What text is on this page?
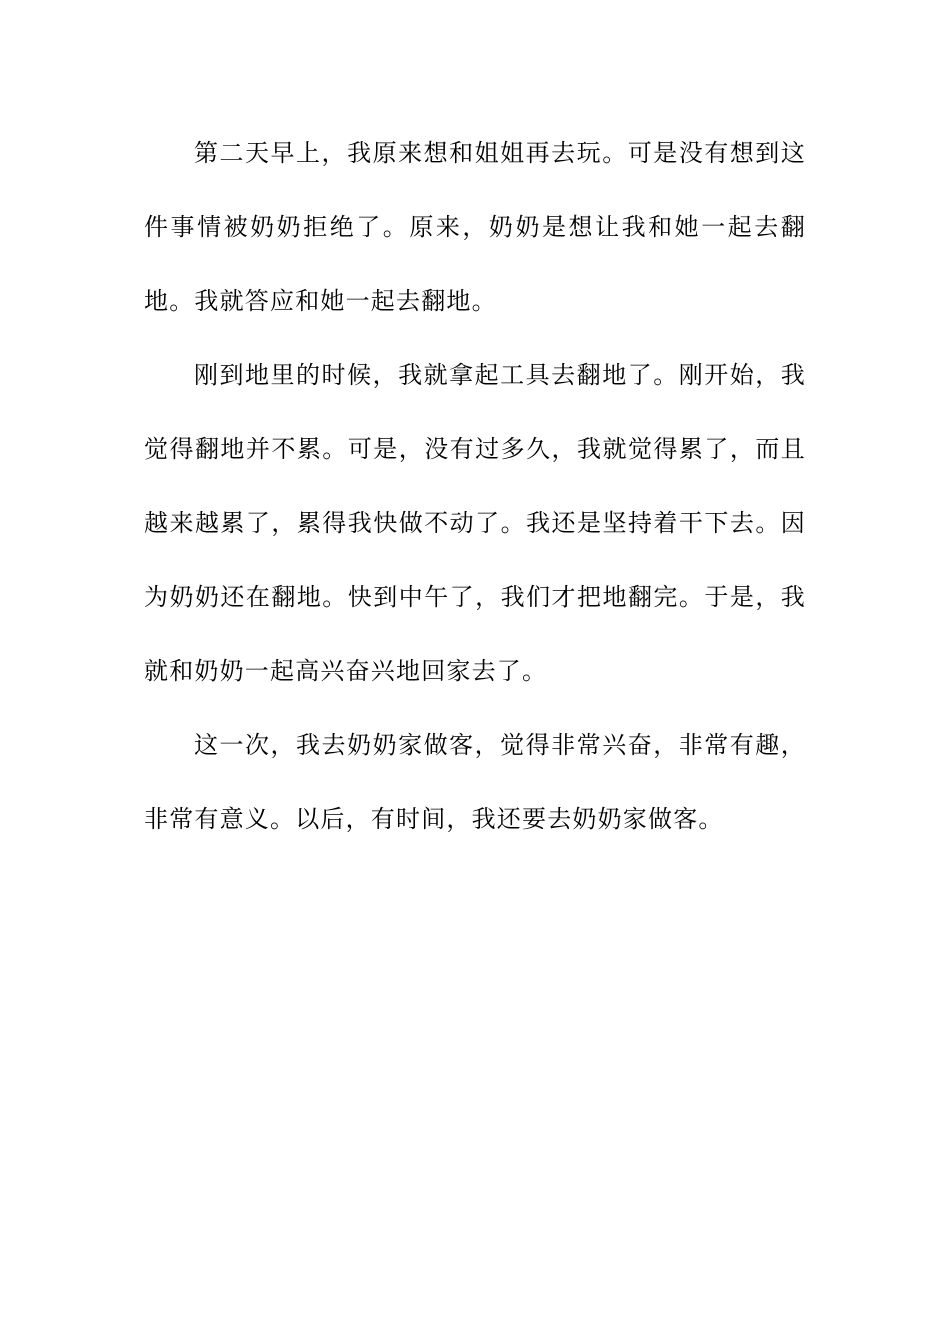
第二天早上，我原来想和姐姐再去玩。可是没有想到这件事情被奶奶拒绝了。原来，奶奶是想让我和她一起去翻地。我就答应和她一起去翻地。

刚到地里的时候，我就拿起工具去翻地了。刚开始，我觉得翻地并不累。可是，没有过多久，我就觉得累了，而且越来越累了，累得我快做不动了。我还是坚持着干下去。因为奶奶还在翻地。快到中午了，我们才把地翻完。于是，我就和奶奶一起高兴奋兴地回家去了。

这一次，我去奶奶家做客，觉得非常兴奋，非常有趣，非常有意义。以后，有时间，我还要去奶奶家做客。
